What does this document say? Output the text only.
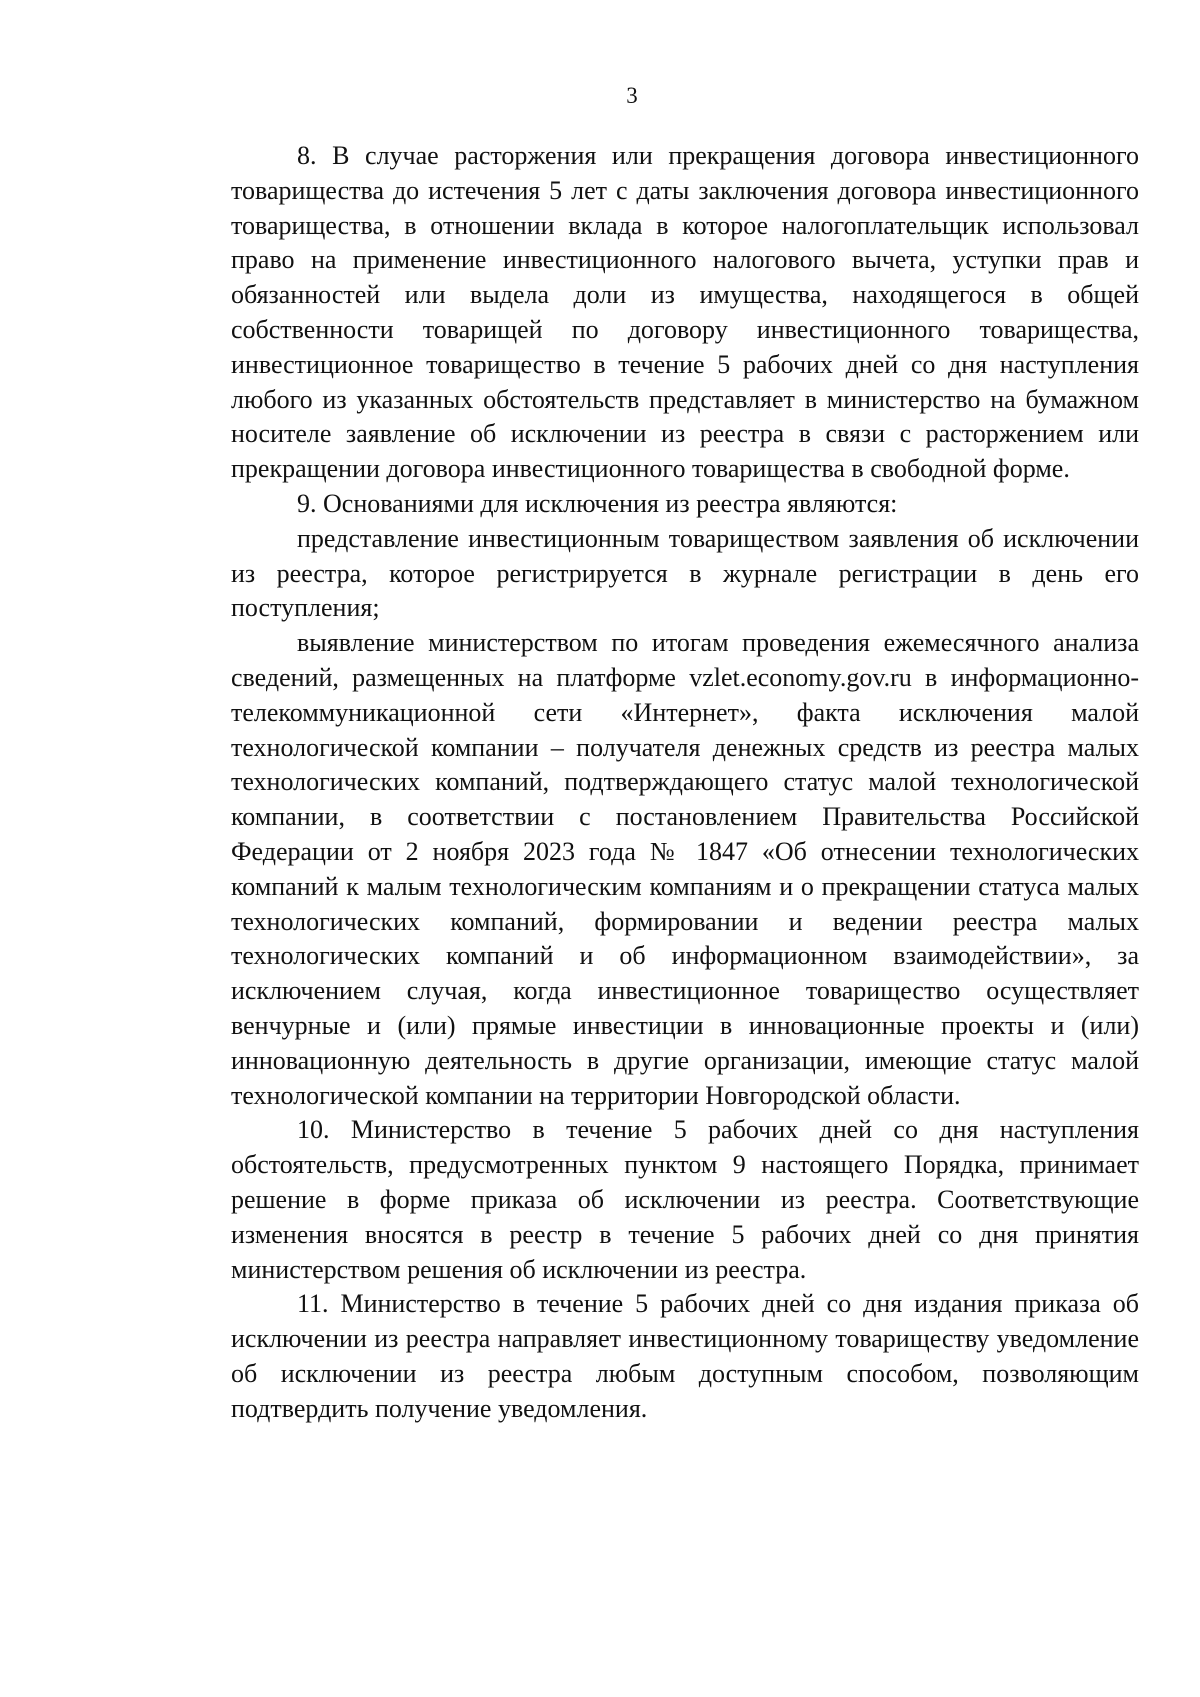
3

8. В случае расторжения или прекращения договора инвестиционного товарищества до истечения 5 лет с даты заключения договора инвестиционного товарищества, в отношении вклада в которое налогоплательщик использовал право на применение инвестиционного налогового вычета, уступки прав и обязанностей или выдела доли из имущества, находящегося в общей собственности товарищей по договору инвестиционного товарищества, инвестиционное товарищество в течение 5 рабочих дней со дня наступления любого из указанных обстоятельств представляет в министерство на бумажном носителе заявление об исключении из реестра в связи с расторжением или прекращении договора инвестиционного товарищества в свободной форме.

9. Основаниями для исключения из реестра являются:

представление инвестиционным товариществом заявления об исключении из реестра, которое регистрируется в журнале регистрации в день его поступления;

выявление министерством по итогам проведения ежемесячного анализа сведений, размещенных на платформе vzlet.economy.gov.ru в информационно-телекоммуникационной сети «Интернет», факта исключения малой технологической компании – получателя денежных средств из реестра малых технологических компаний, подтверждающего статус малой технологической компании, в соответствии с постановлением Правительства Российской Федерации от 2 ноября 2023 года № 1847 «Об отнесении технологических компаний к малым технологическим компаниям и о прекращении статуса малых технологических компаний, формировании и ведении реестра малых технологических компаний и об информационном взаимодействии», за исключением случая, когда инвестиционное товарищество осуществляет венчурные и (или) прямые инвестиции в инновационные проекты и (или) инновационную деятельность в другие организации, имеющие статус малой технологической компании на территории Новгородской области.

10. Министерство в течение 5 рабочих дней со дня наступления обстоятельств, предусмотренных пунктом 9 настоящего Порядка, принимает решение в форме приказа об исключении из реестра. Соответствующие изменения вносятся в реестр в течение 5 рабочих дней со дня принятия министерством решения об исключении из реестра.

11. Министерство в течение 5 рабочих дней со дня издания приказа об исключении из реестра направляет инвестиционному товариществу уведомление об исключении из реестра любым доступным способом, позволяющим подтвердить получение уведомления.
